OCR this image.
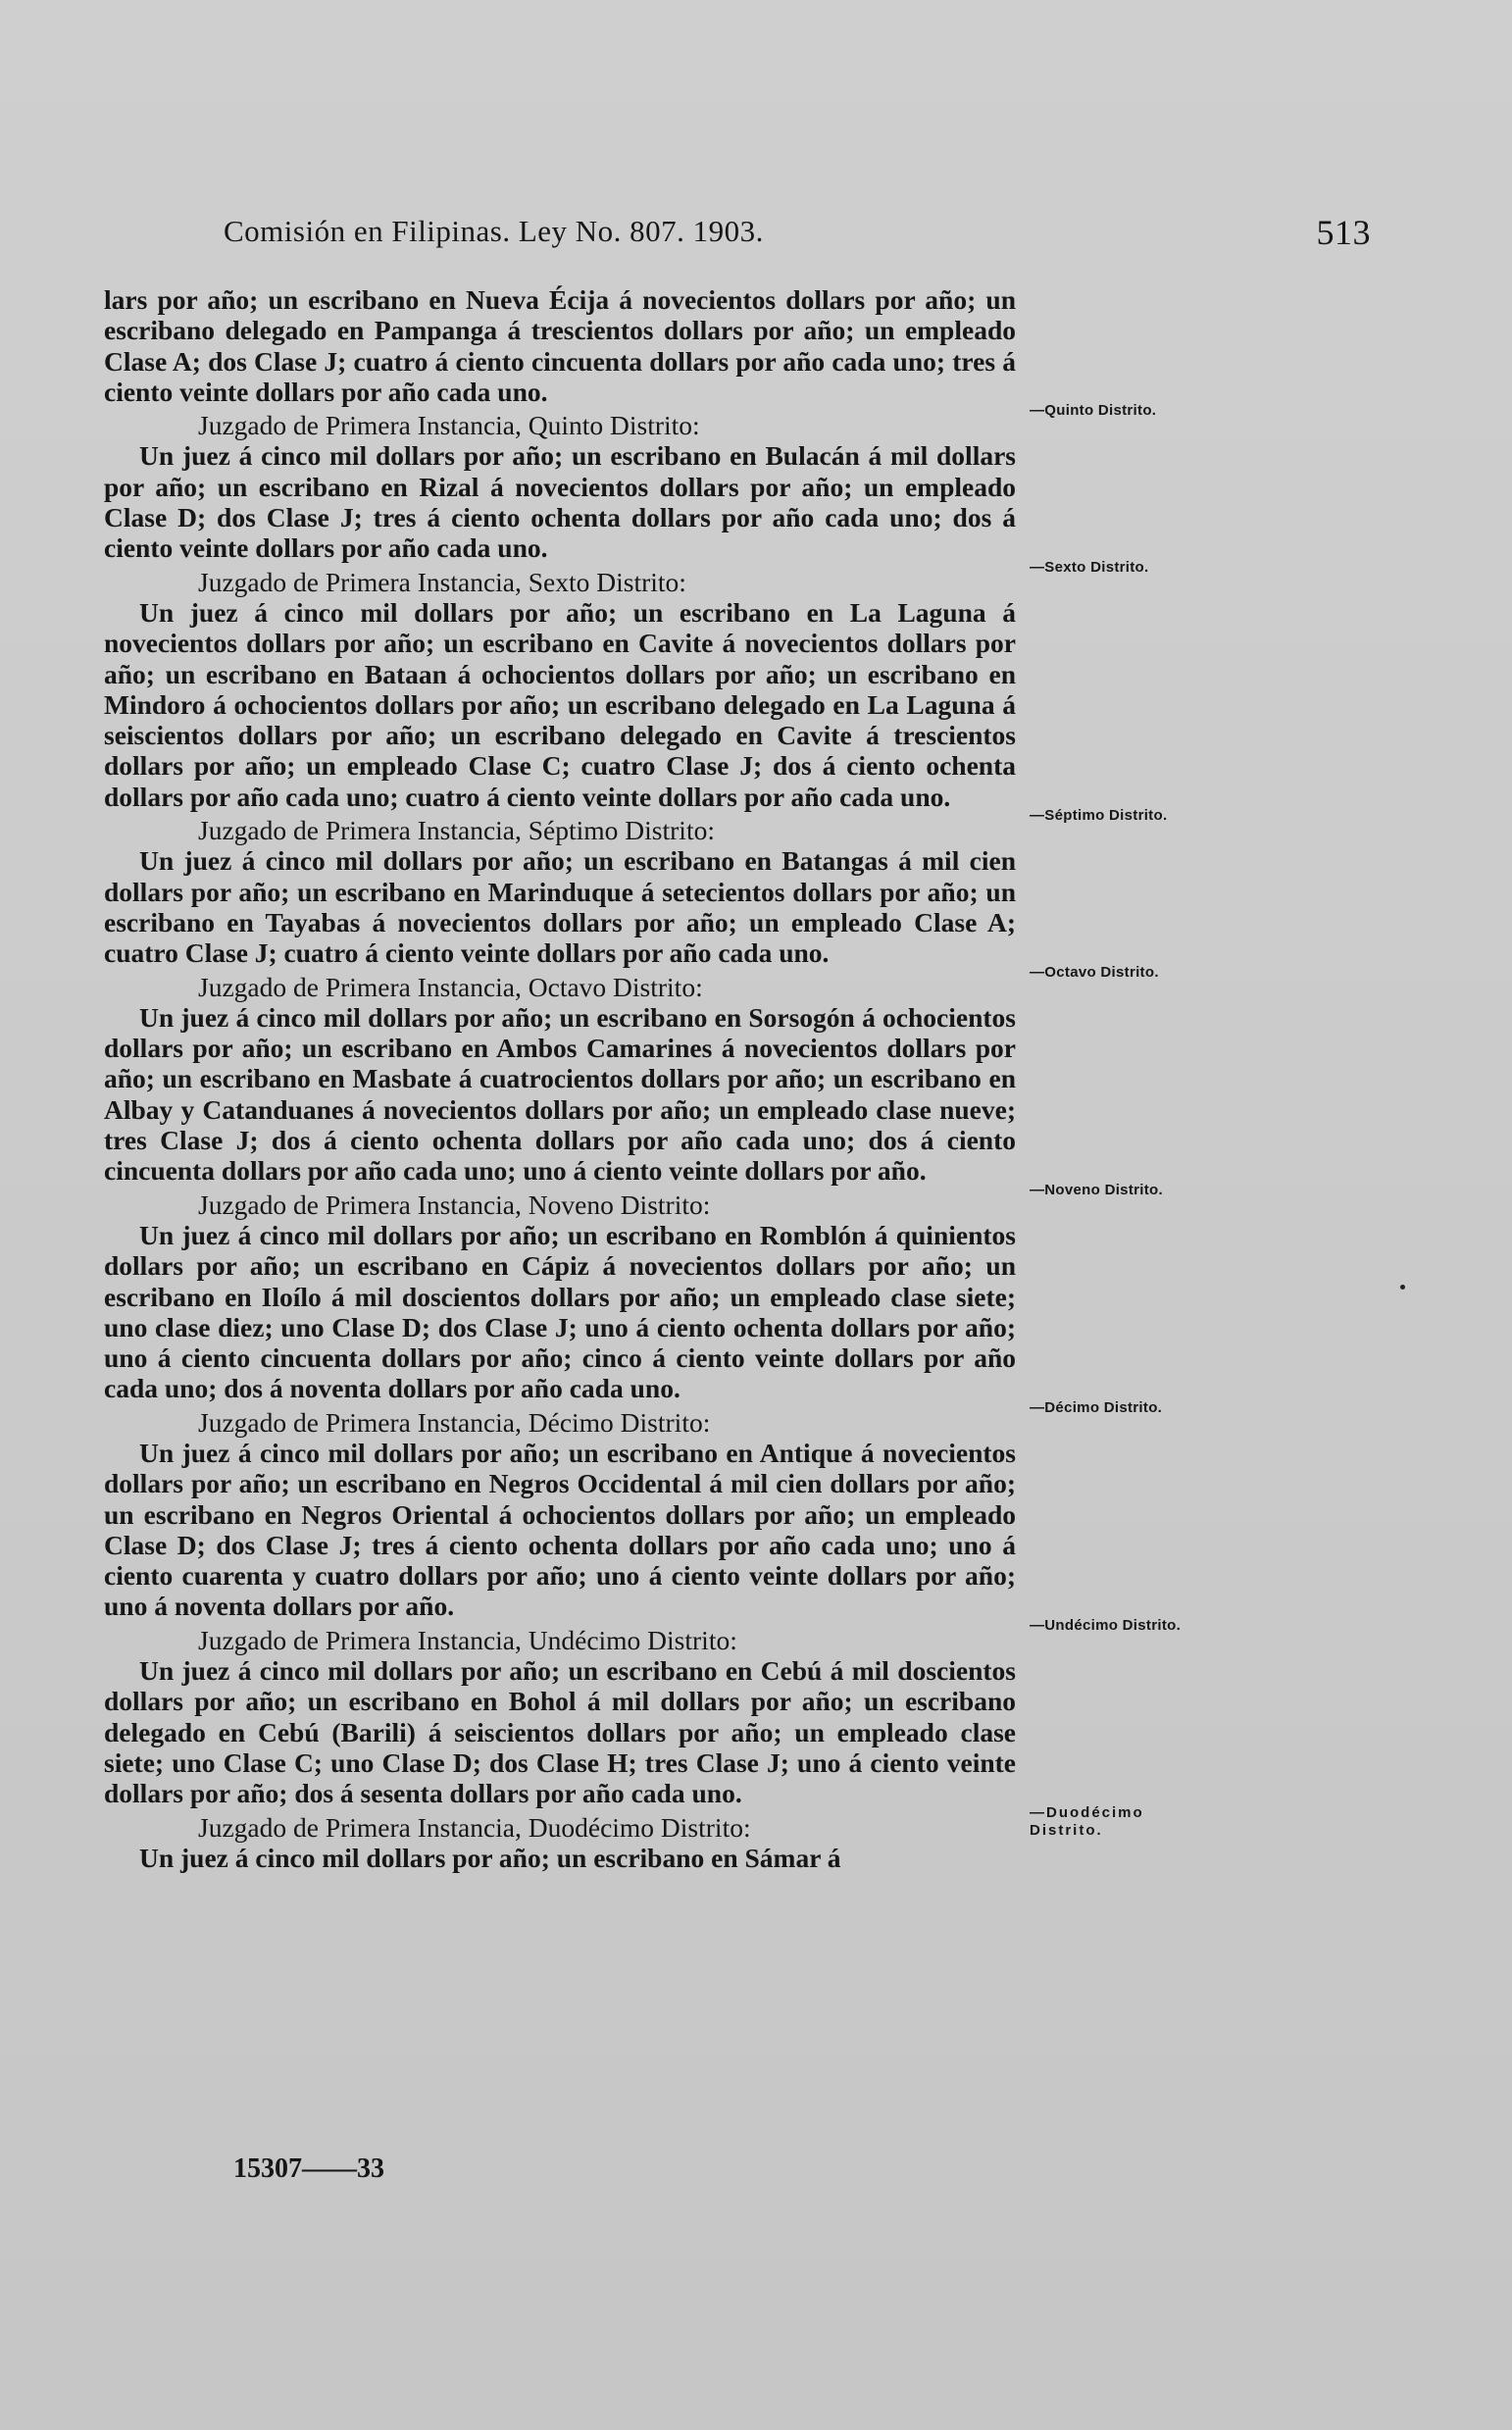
Comisión en Filipinas. Ley No. 807. 1903.	513

lars por año; un escribano en Nueva Écija á novecientos dollars por año; un escribano delegado en Pampanga á trescientos dollars por año; un empleado Clase A; dos Clase J; cuatro á ciento cincuenta dollars por año cada uno; tres á ciento veinte dollars por año cada uno.

Juzgado de Primera Instancia, Quinto Distrito:

Un juez á cinco mil dollars por año; un escribano en Bulacán á mil dollars por año; un escribano en Rizal á novecientos dollars por año; un empleado Clase D; dos Clase J; tres á ciento ochenta dollars por año cada uno; dos á ciento veinte dollars por año cada uno.

Juzgado de Primera Instancia, Sexto Distrito:

Un juez á cinco mil dollars por año; un escribano en La Laguna á novecientos dollars por año; un escribano en Cavite á novecientos dollars por año; un escribano en Bataan á ochocientos dollars por año; un escribano en Mindoro á ochocientos dollars por año; un escribano delegado en La Laguna á seiscientos dollars por año; un escribano delegado en Cavite á trescientos dollars por año; un empleado Clase C; cuatro Clase J; dos á ciento ochenta dollars por año cada uno; cuatro á ciento veinte dollars por año cada uno.

Juzgado de Primera Instancia, Séptimo Distrito:

Un juez á cinco mil dollars por año; un escribano en Batangas á mil cien dollars por año; un escribano en Marinduque á setecientos dollars por año; un escribano en Tayabas á novecientos dollars por año; un empleado Clase A; cuatro Clase J; cuatro á ciento veinte dollars por año cada uno.

Juzgado de Primera Instancia, Octavo Distrito:

Un juez á cinco mil dollars por año; un escribano en Sorsogón á ochocientos dollars por año; un escribano en Ambos Camarines á novecientos dollars por año; un escribano en Masbate á cuatrocientos dollars por año; un escribano en Albay y Catanduanes á novecientos dollars por año; un empleado clase nueve; tres Clase J; dos á ciento ochenta dollars por año cada uno; dos á ciento cincuenta dollars por año cada uno; uno á ciento veinte dollars por año.

Juzgado de Primera Instancia, Noveno Distrito:

Un juez á cinco mil dollars por año; un escribano en Romblón á quinientos dollars por año; un escribano en Cápiz á novecientos dollars por año; un escribano en Iloílo á mil doscientos dollars por año; un empleado clase siete; uno clase diez; uno Clase D; dos Clase J; uno á ciento ochenta dollars por año; uno á ciento cincuenta dollars por año; cinco á ciento veinte dollars por año cada uno; dos á noventa dollars por año cada uno.

Juzgado de Primera Instancia, Décimo Distrito:

Un juez á cinco mil dollars por año; un escribano en Antique á novecientos dollars por año; un escribano en Negros Occidental á mil cien dollars por año; un escribano en Negros Oriental á ochocientos dollars por año; un empleado Clase D; dos Clase J; tres á ciento ochenta dollars por año cada uno; uno á ciento cuarenta y cuatro dollars por año; uno á ciento veinte dollars por año; uno á noventa dollars por año.

Juzgado de Primera Instancia, Undécimo Distrito:

Un juez á cinco mil dollars por año; un escribano en Cebú á mil doscientos dollars por año; un escribano en Bohol á mil dollars por año; un escribano delegado en Cebú (Barili) á seiscientos dollars por año; un empleado clase siete; uno Clase C; uno Clase D; dos Clase H; tres Clase J; uno á ciento veinte dollars por año; dos á sesenta dollars por año cada uno.

Juzgado de Primera Instancia, Duodécimo Distrito:

Un juez á cinco mil dollars por año; un escribano en Sámar á

—Quinto Distrito.
—Sexto Distrito.
—Séptimo Distrito.
—Octavo Distrito.
—Noveno Distrito.
—Décimo Distrito.
—Undécimo Distrito.
—Duodécimo Distrito.
15307——33
